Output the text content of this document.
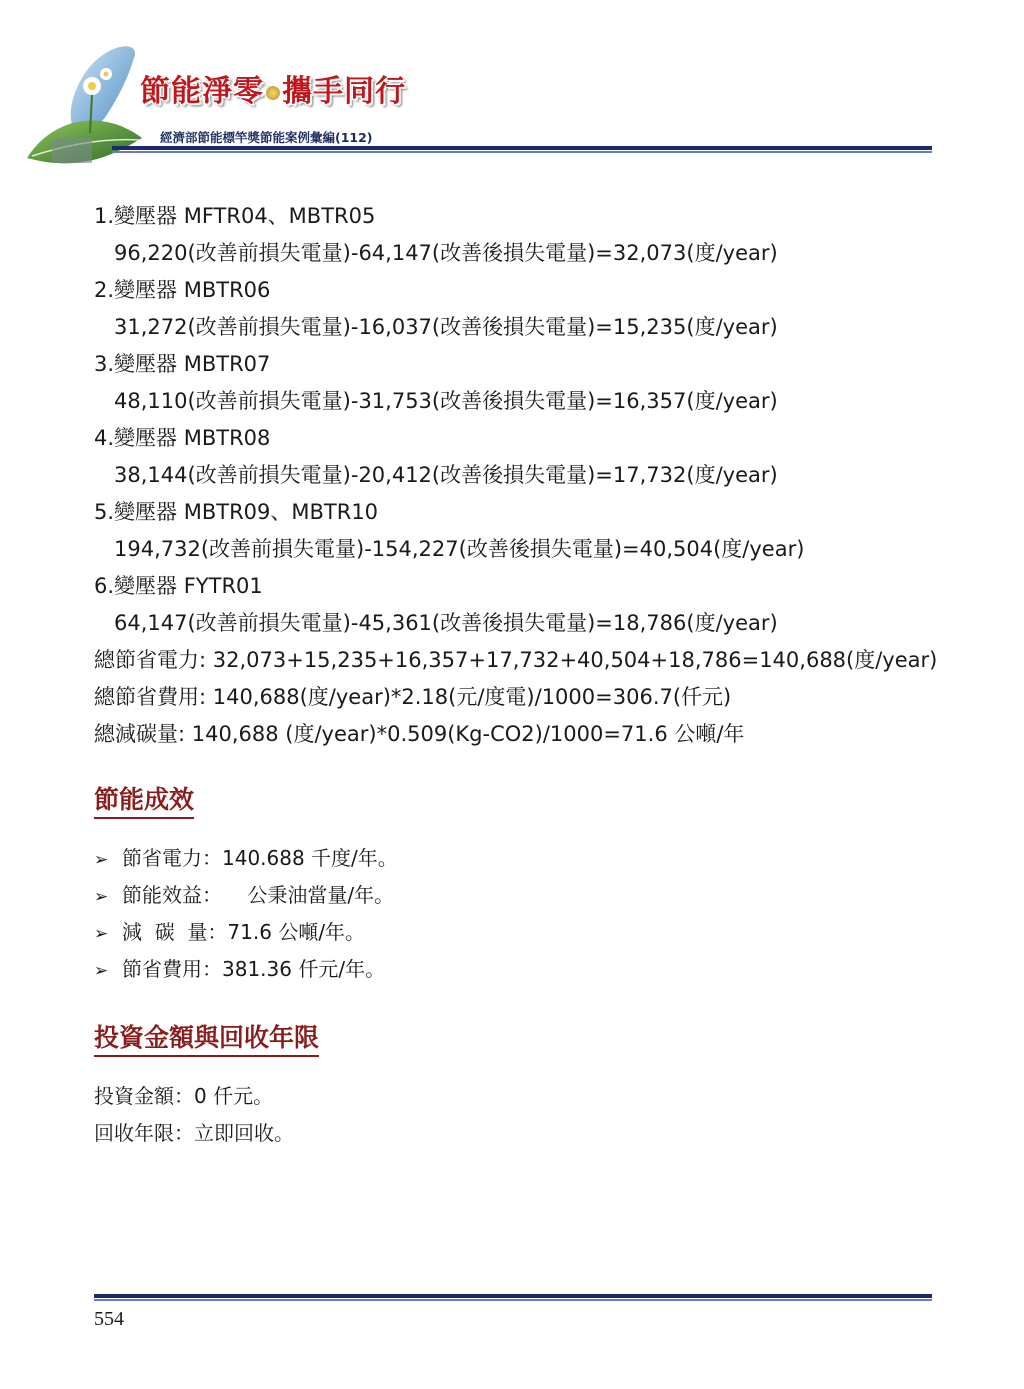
節能淨零 攜手同行
經濟部節能標竿獎節能案例彙編(112)
1.變壓器 MFTR04、MBTR05
96,220(改善前損失電量)-64,147(改善後損失電量)=32,073(度/year)
2.變壓器 MBTR06
31,272(改善前損失電量)-16,037(改善後損失電量)=15,235(度/year)
3.變壓器 MBTR07
48,110(改善前損失電量)-31,753(改善後損失電量)=16,357(度/year)
4.變壓器 MBTR08
38,144(改善前損失電量)-20,412(改善後損失電量)=17,732(度/year)
5.變壓器 MBTR09、MBTR10
194,732(改善前損失電量)-154,227(改善後損失電量)=40,504(度/year)
6.變壓器 FYTR01
64,147(改善前損失電量)-45,361(改善後損失電量)=18,786(度/year)
總節省電力: 32,073+15,235+16,357+17,732+40,504+18,786=140,688(度/year)
總節省費用: 140,688(度/year)*2.18(元/度電)/1000=306.7(仟元)
總減碳量: 140,688 (度/year)*0.509(Kg-CO2)/1000=71.6 公噸/年
節能成效
➢ 節省電力：140.688 千度/年。
➢ 節能效益：    公秉油當量/年。
➢ 減  碳  量：71.6 公噸/年。
➢ 節省費用：381.36 仟元/年。
投資金額與回收年限
投資金額：0 仟元。
回收年限：立即回收。
554
